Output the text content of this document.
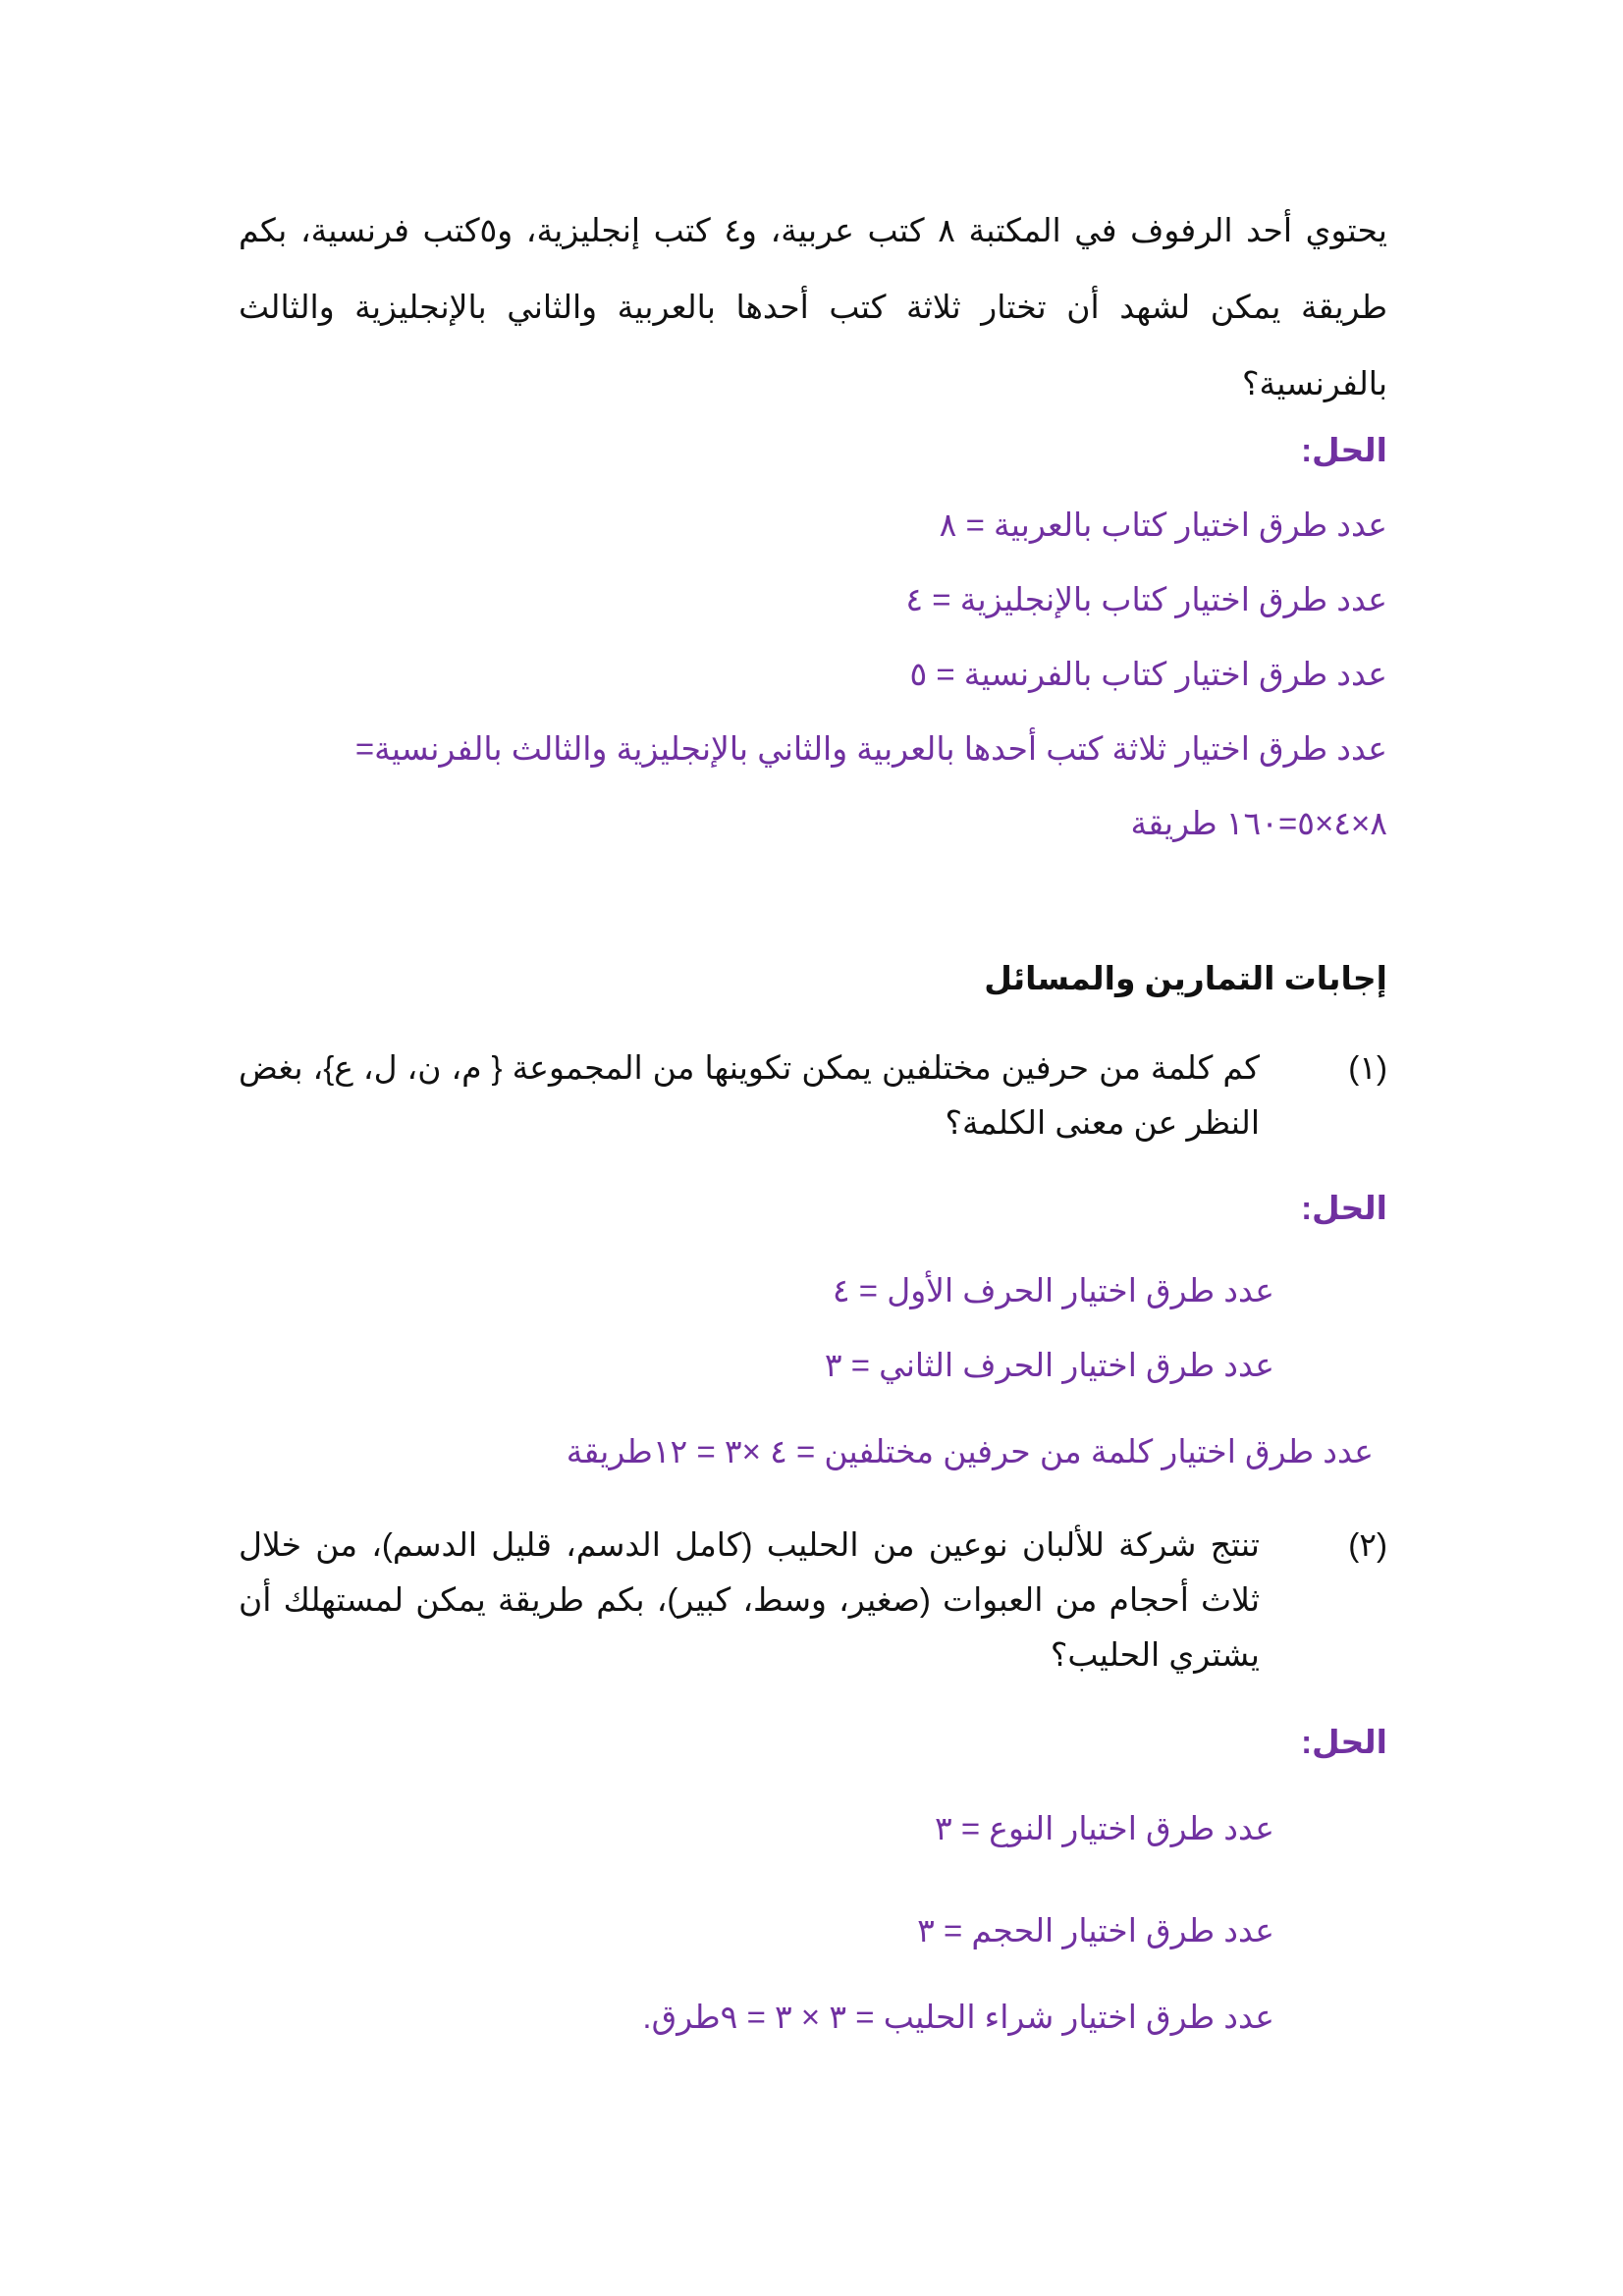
يحتوي أحد الرفوف في المكتبة ٨ كتب عربية، و٤ كتب إنجليزية، و٥كتب فرنسية، بكم طريقة يمكن لشهد أن تختار ثلاثة كتب أحدها بالعربية والثاني بالإنجليزية والثالث بالفرنسية؟
الحل:
عدد طرق اختيار كتاب بالعربية = ٨
عدد طرق اختيار كتاب بالإنجليزية = ٤
عدد طرق اختيار كتاب بالفرنسية = ٥
عدد طرق اختيار ثلاثة كتب أحدها بالعربية والثاني بالإنجليزية والثالث بالفرنسية=
٨×٤×٥=١٦٠ طريقة
إجابات التمارين والمسائل
(١)
كم كلمة من حرفين مختلفين يمكن تكوينها من المجموعة { م، ن، ل، ع}، بغض النظر عن معنى الكلمة؟
الحل:
عدد طرق اختيار الحرف الأول = ٤
عدد طرق اختيار الحرف الثاني = ٣
عدد طرق اختيار كلمة من حرفين مختلفين = ٤ ×٣ = ١٢طريقة
(٢)
تنتج شركة للألبان نوعين من الحليب (كامل الدسم، قليل الدسم)، من خلال ثلاث أحجام من العبوات (صغير، وسط، كبير)، بكم طريقة يمكن لمستهلك أن يشتري الحليب؟
الحل:
عدد طرق اختيار النوع = ٣
عدد طرق اختيار الحجم = ٣
عدد طرق اختيار شراء الحليب = ٣ × ٣ = ٩طرق.
